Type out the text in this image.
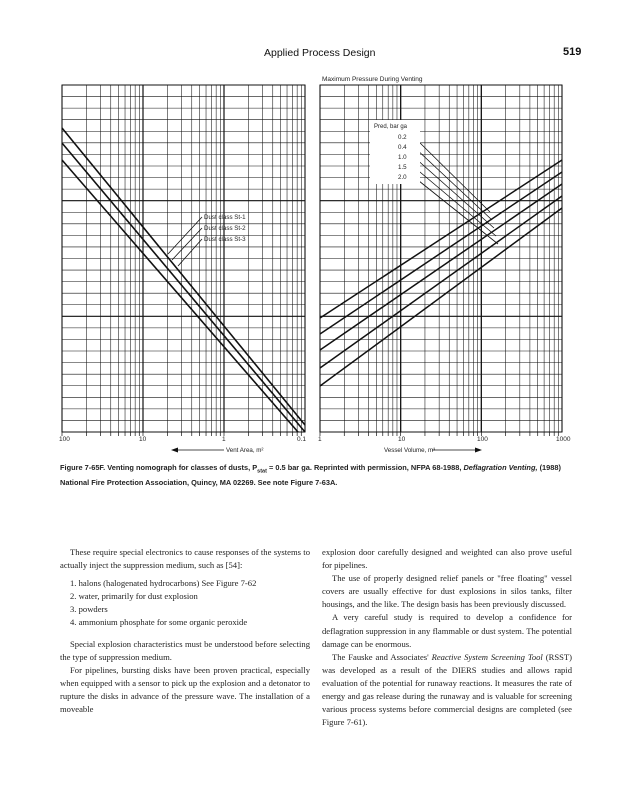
Applied Process Design	519
Maximum Pressure During Venting
100	10	1	0.1 1	10	100	1000
Vent Area, m²	Vessel Volume, m³
Dust class St-1
Dust class St-2
Dust class St-3
Pred, bar ga
0.2
0.4
1.0
1.5
2.0
Figure 7-65F. Venting nomograph for classes of dusts, $P_{stat} = 0.5$ bar ga. Reprinted with permission, NFPA 68-1988, Deflagration Venting, (1988) National Fire Protection Association, Quincy, MA 02269. See note Figure 7-63A.

These require special electronics to cause responses of the systems to actually inject the suppression medium, such as [54]:

1. halons (halogenated hydrocarbons) See Figure 7-62
2. water, primarily for dust explosion
3. powders
4. ammonium phosphate for some organic peroxide

Special explosion characteristics must be understood before selecting the type of suppression medium.

For pipelines, bursting disks have been proven practical, especially when equipped with a sensor to pick up the explosion and a detonator to rupture the disks in advance of the pressure wave. The installation of a moveable

explosion door carefully designed and weighted can also prove useful for pipelines.

The use of properly designed relief panels or "free floating" vessel covers are usually effective for dust explosions in silos tanks, filter housings, and the like. The design basis has been previously discussed.

A very careful study is required to develop a confidence for deflagration suppression in any flammable or dust system. The potential damage can be enormous.

The Fauske and Associates' Reactive System Screening Tool (RSST) was developed as a result of the DIERS studies and allows rapid evaluation of the potential for runaway reactions. It measures the rate of energy and gas release during the runaway and is valuable for screening various process systems before commercial designs are completed (see Figure 7-61).
